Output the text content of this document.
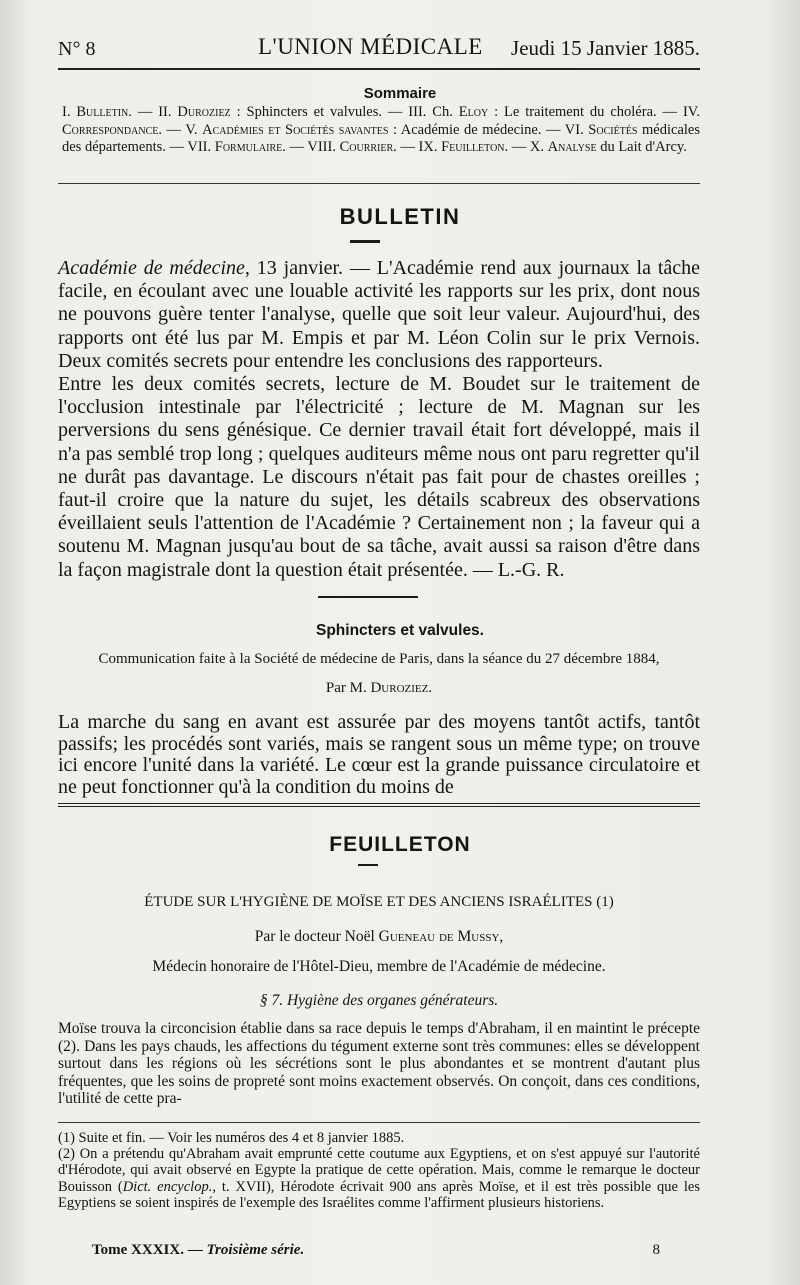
N° 8	L'UNION MÉDICALE Jeudi 15 Janvier 1885.
Sommaire
I. Bulletin. — II. Duroziez : Sphincters et valvules. — III. Ch. Eloy : Le traitement du choléra. — IV. Correspondance. — V. Académies et Sociétés savantes : Académie de médecine. — VI. Sociétés médicales des départements. — VII. Formulaire. — VIII. Courrier. — IX. Feuilleton. — X. Analyse du Lait d'Arcy.
BULLETIN

Académie de médecine, 13 janvier. — L'Académie rend aux journaux la tâche facile, en écoulant avec une louable activité les rapports sur les prix, dont nous ne pouvons guère tenter l'analyse, quelle que soit leur valeur. Aujourd'hui, des rapports ont été lus par M. Empis et par M. Léon Colin sur le prix Vernois. Deux comités secrets pour entendre les conclusions des rapporteurs.

Entre les deux comités secrets, lecture de M. Boudet sur le traitement de l'occlusion intestinale par l'électricité ; lecture de M. Magnan sur les perversions du sens génésique. Ce dernier travail était fort développé, mais il n'a pas semblé trop long ; quelques auditeurs même nous ont paru regretter qu'il ne durât pas davantage. Le discours n'était pas fait pour de chastes oreilles ; faut-il croire que la nature du sujet, les détails scabreux des observations éveillaient seuls l'attention de l'Académie ? Certainement non ; la faveur qui a soutenu M. Magnan jusqu'au bout de sa tâche, avait aussi sa raison d'être dans la façon magistrale dont la question était présentée. — L.-G. R.

Sphincters et valvules.
Communication faite à la Société de médecine de Paris, dans la séance du 27 décembre 1884,
Par M. Duroziez.

La marche du sang en avant est assurée par des moyens tantôt actifs, tantôt passifs; les procédés sont variés, mais se rangent sous un même type; on trouve ici encore l'unité dans la variété. Le cœur est la grande puissance circulatoire et ne peut fonctionner qu'à la condition du moins de

FEUILLETON
ÉTUDE SUR L'HYGIÈNE DE MOÏSE ET DES ANCIENS ISRAÉLITES (1)
Par le docteur Noël Gueneau de Mussy,
Médecin honoraire de l'Hôtel-Dieu, membre de l'Académie de médecine.
§ 7. Hygiène des organes générateurs.

Moïse trouva la circoncision établie dans sa race depuis le temps d'Abraham, il en maintint le précepte (2). Dans les pays chauds, les affections du tégument externe sont très communes: elles se développent surtout dans les régions où les sécrétions sont le plus abondantes et se montrent d'autant plus fréquentes, que les soins de propreté sont moins exactement observés. On conçoit, dans ces conditions, l'utilité de cette pra-

(1) Suite et fin. — Voir les numéros des 4 et 8 janvier 1885.

(2) On a prétendu qu'Abraham avait emprunté cette coutume aux Egyptiens, et on s'est appuyé sur l'autorité d'Hérodote, qui avait observé en Egypte la pratique de cette opération. Mais, comme le remarque le docteur Bouisson (Dict. encyclop., t. XVII), Hérodote écrivait 900 ans après Moïse, et il est très possible que les Egyptiens se soient inspirés de l'exemple des Israélites comme l'affirment plusieurs historiens.

Tome XXXIX. — Troisième série.	8
